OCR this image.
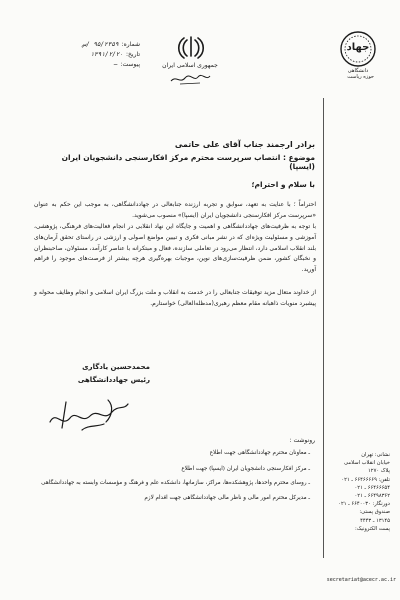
شماره:
۹۵/۲۳۵۹ /س
تاریخ:
۱۳۹۱/۲/۲۰
پیوست:
—	جمهوری اسلامی ایران
جهاد
دانشگاهی
حوزه ریاست
برادر ارجمند جناب آقای علی حاتمی
موضوع : انتصاب سرپرست محترم مرکز افکارسنجی دانشجویان ایران (ایسپا)
با سلام و احترام؛
احتراماً ؛ با عنایت به تعهد، سوابق و تجربه ارزنده جنابعالی در جهاددانشگاهی، به موجب این حکم به عنوان «سرپرست مرکز افکارسنجی دانشجویان ایران (ایسپا)» منصوب می‌شوید.
با توجه به ظرفیت‌های جهاددانشگاهی و اهمیت و جایگاه این نهاد انقلابی در انجام فعالیت‌های فرهنگی، پژوهشی، آموزشی و مسئولیت ویژه‌ای که در نشر مبانی فکری و تبیین مواضع اصولی و ارزشی در راستای تحقق آرمان‌های بلند انقلاب اسلامی دارد، انتظار می‌رود در تعاملی سازنده، فعال و مبتکرانه با عناصر کارآمد، مسئولان، صاحبنظران و نخبگان کشور، ضمن ظرفیت‌سازی‌های نوین، موجبات بهره‌گیری هرچه بیشتر از فرصت‌های موجود را فراهم آورید.
از خداوند متعال مزید توفیقات جنابعالی را در خدمت به انقلاب و ملت بزرگ ایران اسلامی و انجام وظایف محوله و پیشبرد منویات ذاهبانه مقام معظم رهبری(مدظله‌العالی) خواستارم.
محمدحسین یادگاری
رئیس جهاددانشگاهی
رونوشت :
ـ معاونان محترم جهاددانشگاهی جهت اطلاع
ـ مرکز افکارسنجی دانشجویان ایران (ایسپا) جهت اطلاع
ـ روسای محترم واحدها، پژوهشکده‌ها، مراکز، سازمانها، دانشکده علم و فرهنگ و مؤسسات وابسته به جهاددانشگاهی
ـ مدیرکل محترم امور مالی و ناظر مالی جهاددانشگاهی جهت اقدام لازم
نشانی: تهران
خیابان انقلاب اسلامی
پلاک ۱۲۷۰
تلفن: ۶۶۴۶۶۶۶۹ ـ ۰۲۱
۶۶۴۶۶۶۵۴ ـ ۰۲۱
۶۶۴۹۸۳۶۲ ـ ۰۲۱
دورنگار: ۶۶۴۰۰۳۰ ـ ۰۲۱
صندوق پستی:
۱۳۱۴۵ ـ ۴۴۴۳
پست الکترونیک:
secretariat@acecr.ac.ir
